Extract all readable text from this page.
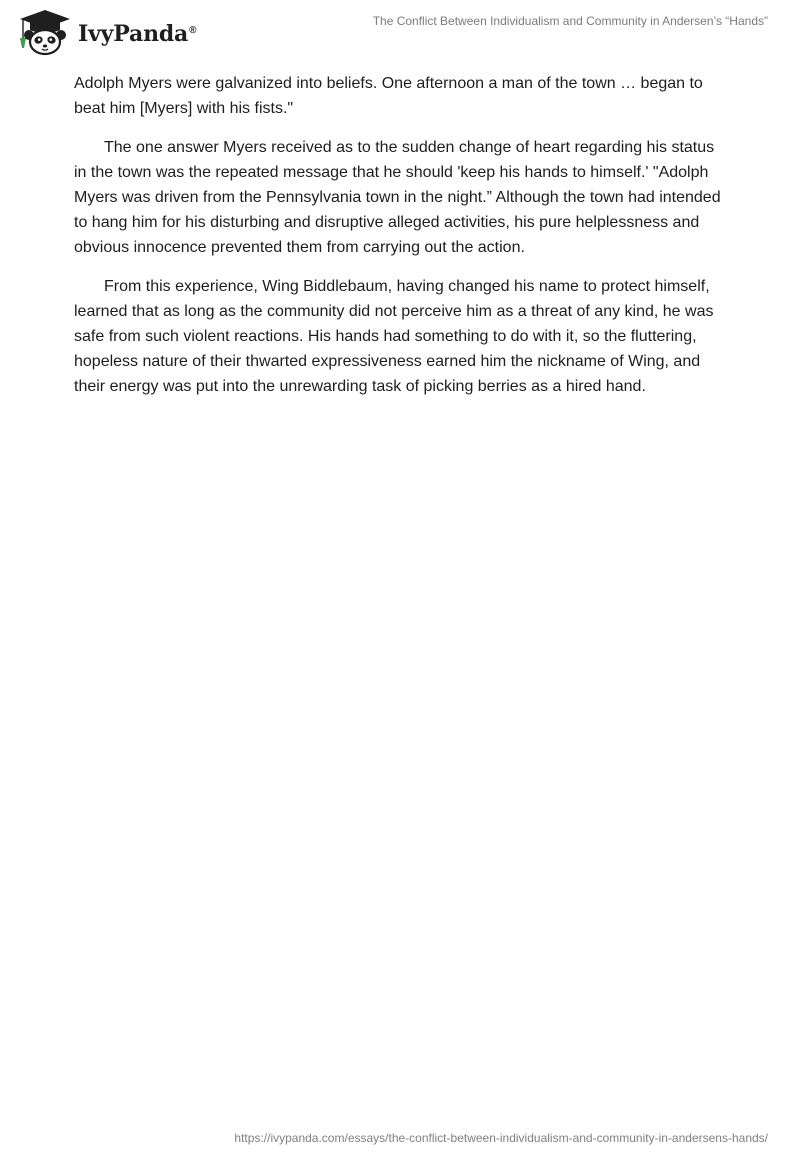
IvyPanda®
The Conflict Between Individualism and Community in Andersen’s “Hands”

Adolph Myers were galvanized into beliefs. One afternoon a man of the town … began to beat him [Myers] with his fists."

The one answer Myers received as to the sudden change of heart regarding his status in the town was the repeated message that he should 'keep his hands to himself.' "Adolph Myers was driven from the Pennsylvania town in the night.” Although the town had intended to hang him for his disturbing and disruptive alleged activities, his pure helplessness and obvious innocence prevented them from carrying out the action.

From this experience, Wing Biddlebaum, having changed his name to protect himself, learned that as long as the community did not perceive him as a threat of any kind, he was safe from such violent reactions. His hands had something to do with it, so the fluttering, hopeless nature of their thwarted expressiveness earned him the nickname of Wing, and their energy was put into the unrewarding task of picking berries as a hired hand.

https://ivypanda.com/essays/the-conflict-between-individualism-and-community-in-andersens-hands/
